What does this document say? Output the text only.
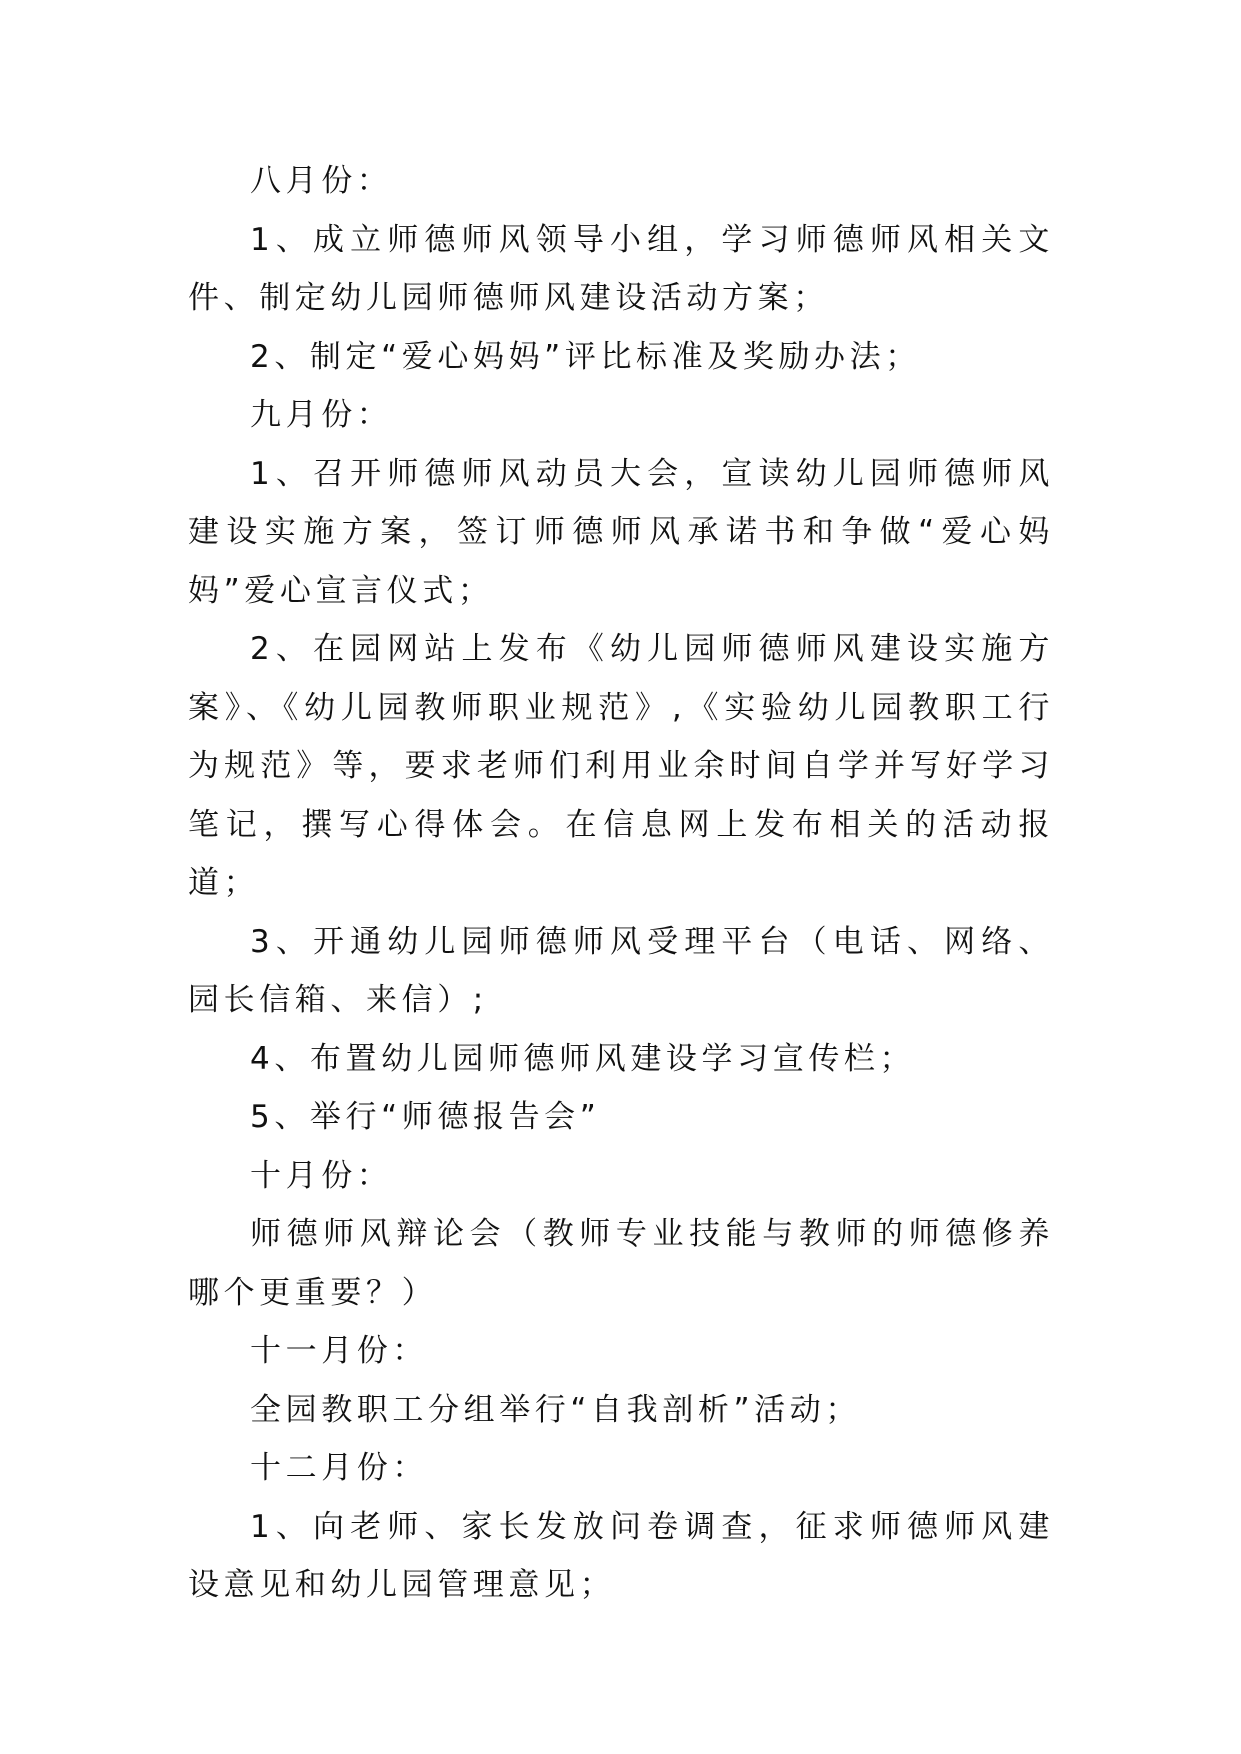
八月份：

1、成立师德师风领导小组，学习师德师风相关文件、制定幼儿园师德师风建设活动方案；

2、制定“爱心妈妈”评比标准及奖励办法；

九月份：

1、召开师德师风动员大会，宣读幼儿园师德师风建设实施方案，签订师德师风承诺书和争做“爱心妈妈”爱心宣言仪式；

2、在园网站上发布《幼儿园师德师风建设实施方案》、《幼儿园教师职业规范》,《实验幼儿园教职工行为规范》等，要求老师们利用业余时间自学并写好学习笔记，撰写心得体会。在信息网上发布相关的活动报道；

3、开通幼儿园师德师风受理平台（电话、网络、园长信箱、来信）;

4、布置幼儿园师德师风建设学习宣传栏；

5、举行“师德报告会”

十月份：

师德师风辩论会（教师专业技能与教师的师德修养哪个更重要？）

十一月份：

全园教职工分组举行“自我剖析”活动；

十二月份：

1、向老师、家长发放问卷调查，征求师德师风建设意见和幼儿园管理意见；
